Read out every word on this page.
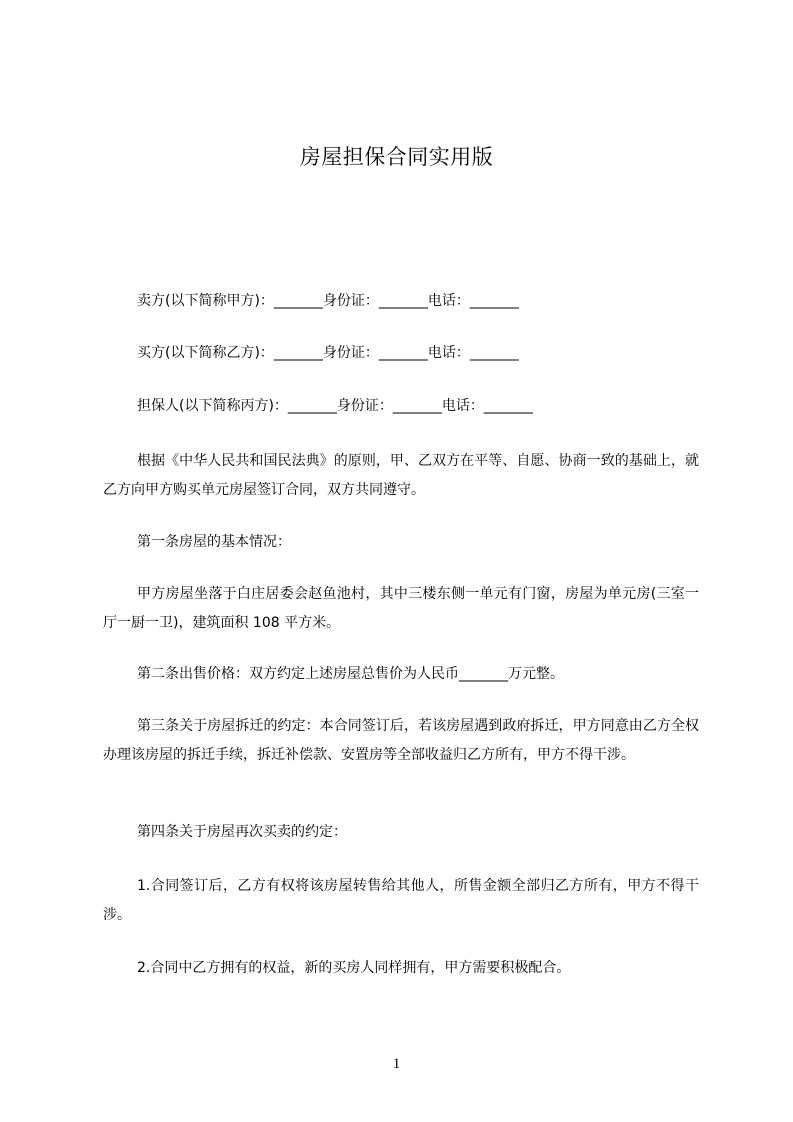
房屋担保合同实用版
卖方(以下简称甲方)：_______身份证：_______电话：_______
买方(以下简称乙方)：_______身份证：_______电话：_______
担保人(以下简称丙方)：_______身份证：_______电话：_______
根据《中华人民共和国民法典》的原则，甲、乙双方在平等、自愿、协商一致的基础上，就乙方向甲方购买单元房屋签订合同，双方共同遵守。
第一条房屋的基本情况：
甲方房屋坐落于白庄居委会赵鱼池村，其中三楼东侧一单元有门窗，房屋为单元房(三室一厅一厨一卫)，建筑面积 108 平方米。
第二条出售价格：双方约定上述房屋总售价为人民币_______万元整。
第三条关于房屋拆迁的约定：本合同签订后，若该房屋遇到政府拆迁，甲方同意由乙方全权办理该房屋的拆迁手续，拆迁补偿款、安置房等全部收益归乙方所有，甲方不得干涉。
第四条关于房屋再次买卖的约定：
1.合同签订后，乙方有权将该房屋转售给其他人，所售金额全部归乙方所有，甲方不得干涉。
2.合同中乙方拥有的权益，新的买房人同样拥有，甲方需要积极配合。
1
